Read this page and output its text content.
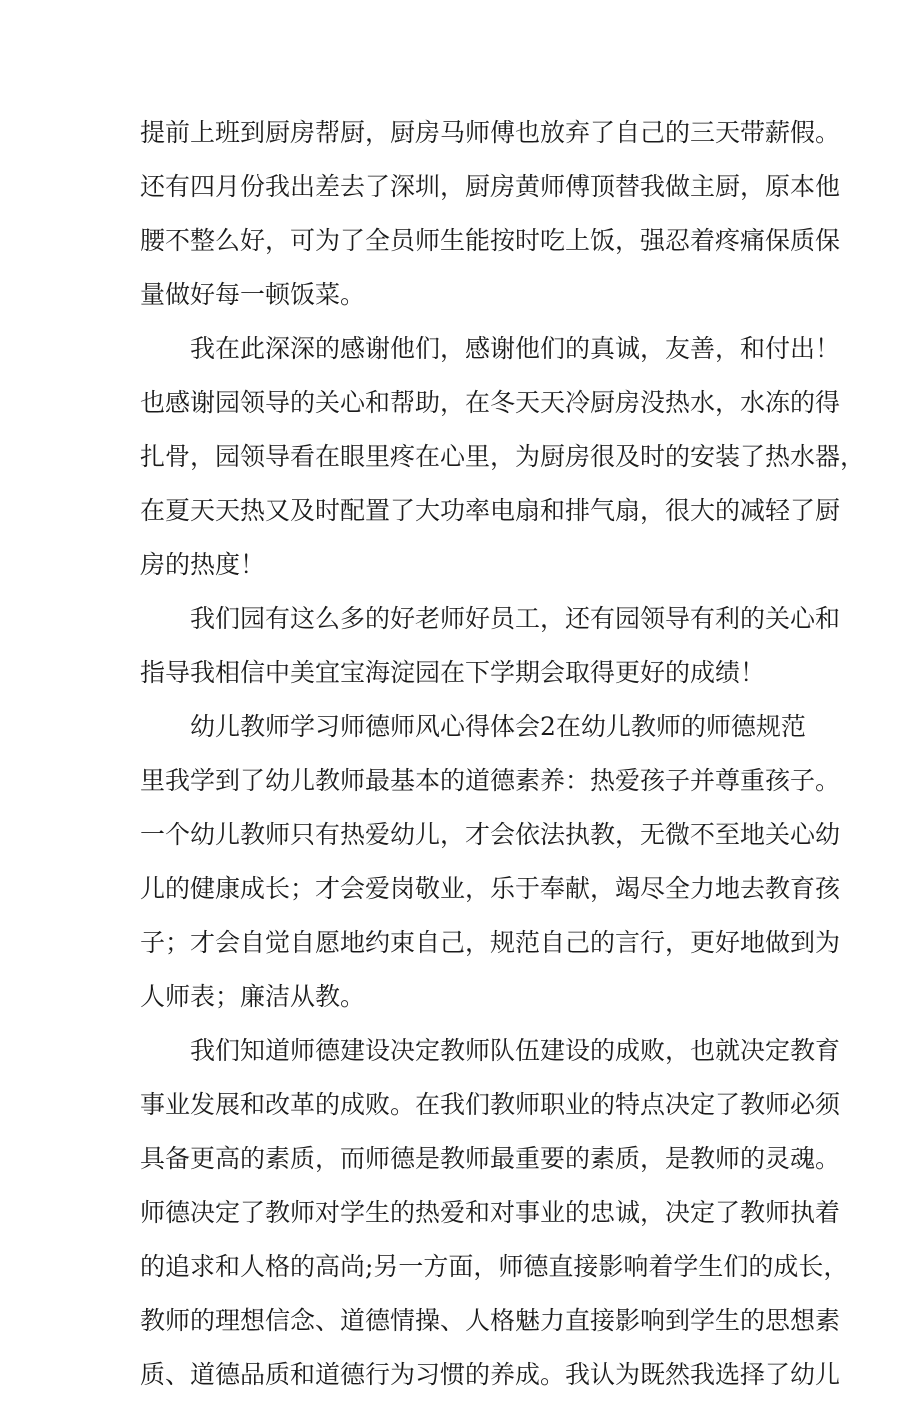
提前上班到厨房帮厨，厨房马师傅也放弃了自己的三天带薪假。
还有四月份我出差去了深圳，厨房黄师傅顶替我做主厨，原本他
腰不整么好，可为了全员师生能按时吃上饭，强忍着疼痛保质保
量做好每一顿饭菜。
我在此深深的感谢他们，感谢他们的真诚，友善，和付出！
也感谢园领导的关心和帮助，在冬天天冷厨房没热水，水冻的得
扎骨，园领导看在眼里疼在心里，为厨房很及时的安装了热水器，
在夏天天热又及时配置了大功率电扇和排气扇，很大的减轻了厨
房的热度！
我们园有这么多的好老师好员工，还有园领导有利的关心和
指导我相信中美宜宝海淀园在下学期会取得更好的成绩！
幼儿教师学习师德师风心得体会2在幼儿教师的师德规范
里我学到了幼儿教师最基本的道德素养：热爱孩子并尊重孩子。
一个幼儿教师只有热爱幼儿，才会依法执教，无微不至地关心幼
儿的健康成长；才会爱岗敬业，乐于奉献，竭尽全力地去教育孩
子；才会自觉自愿地约束自己，规范自己的言行，更好地做到为
人师表；廉洁从教。
我们知道师德建设决定教师队伍建设的成败，也就决定教育
事业发展和改革的成败。在我们教师职业的特点决定了教师必须
具备更高的素质，而师德是教师最重要的素质，是教师的灵魂。
师德决定了教师对学生的热爱和对事业的忠诚，决定了教师执着
的追求和人格的高尚;另一方面，师德直接影响着学生们的成长，
教师的理想信念、道德情操、人格魅力直接影响到学生的思想素
质、道德品质和道德行为习惯的养成。我认为既然我选择了幼儿
